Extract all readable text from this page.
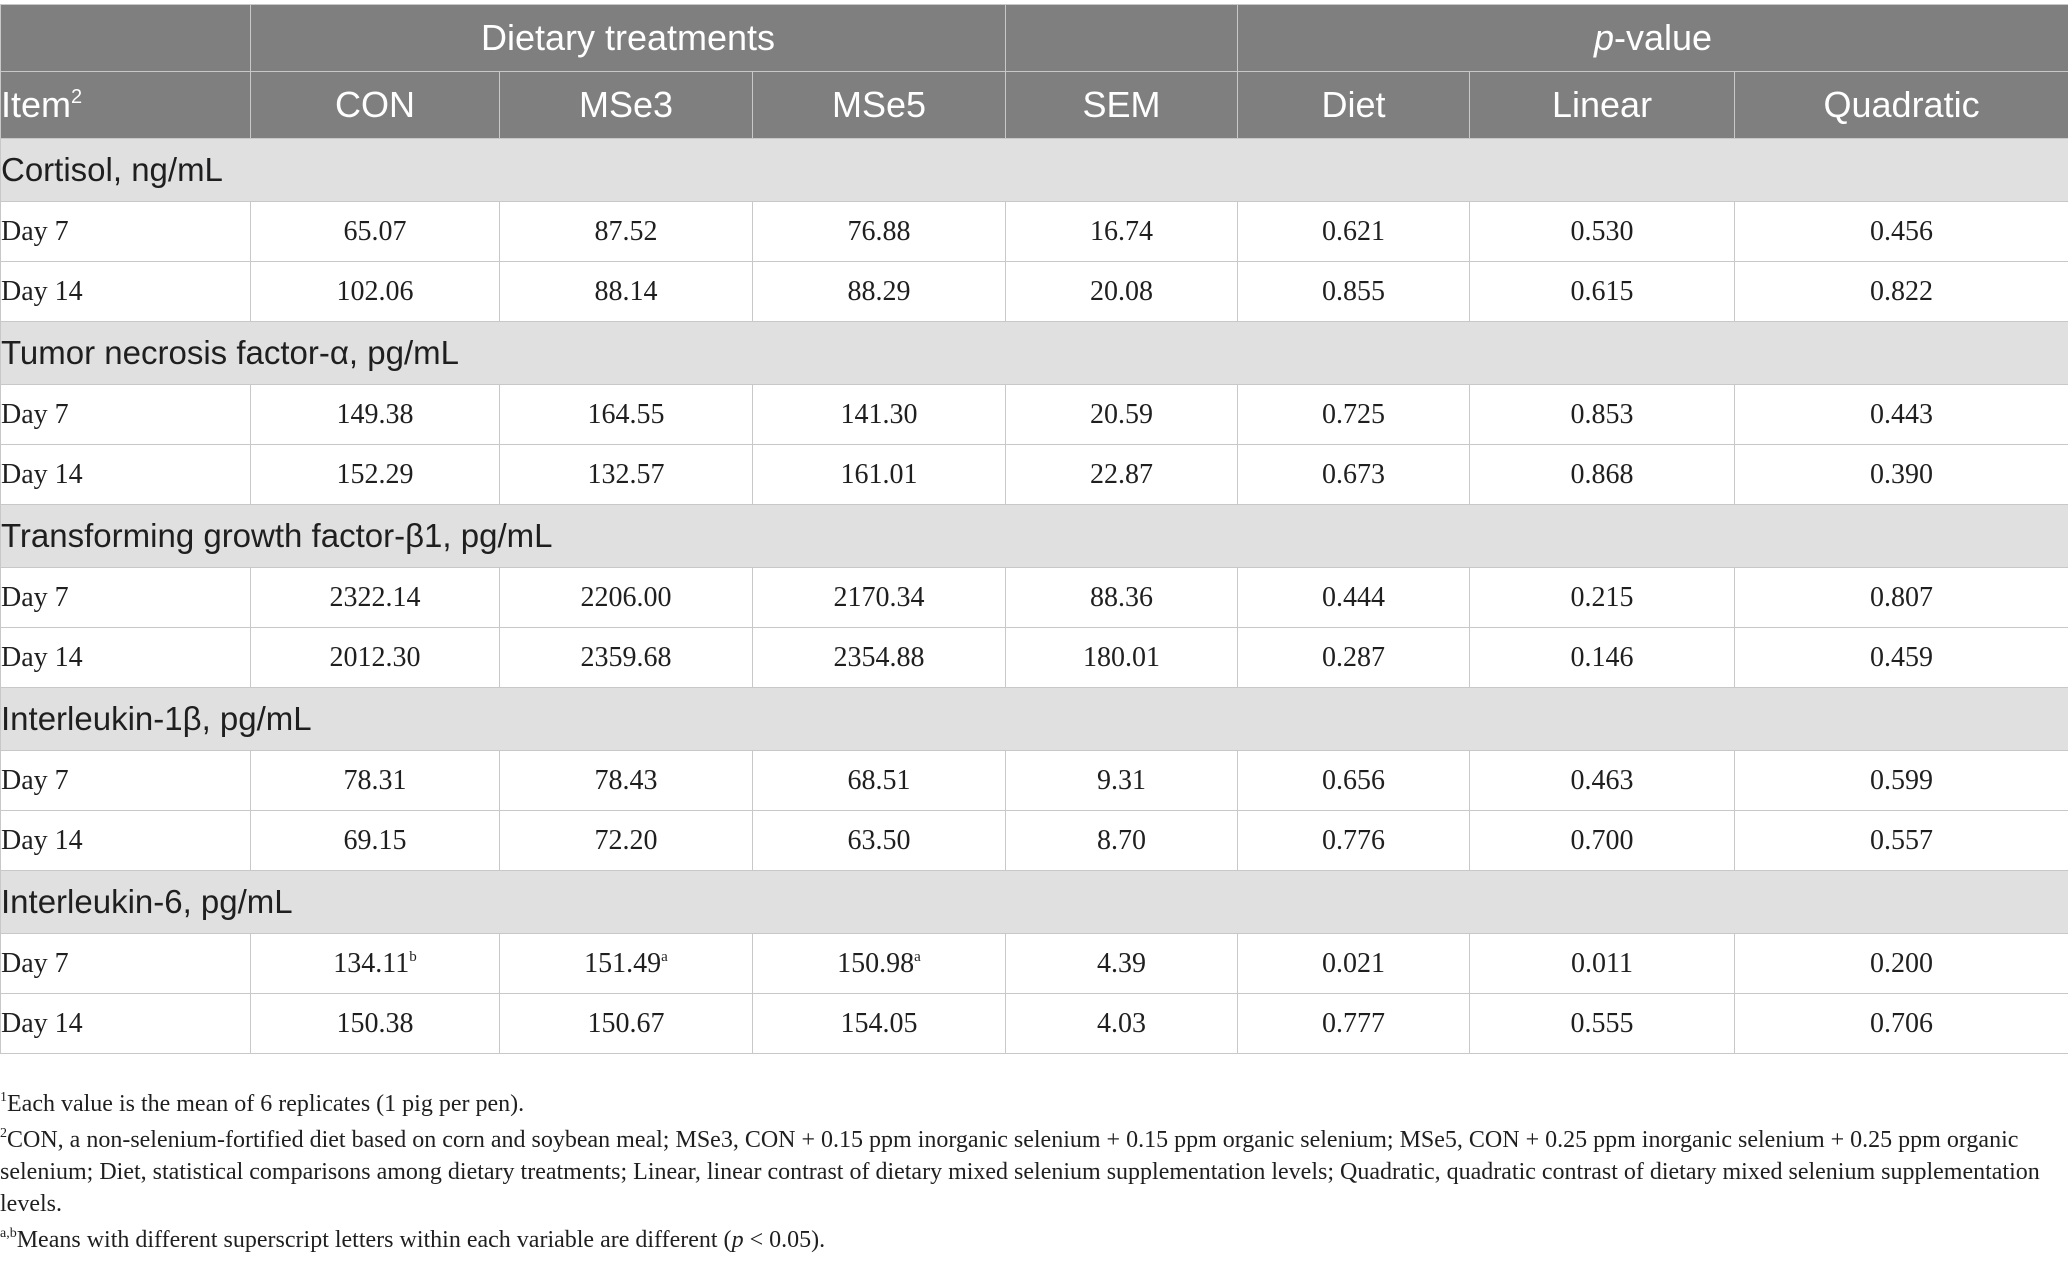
	Dietary treatments				p-value		
Item$^2$	CON	MSe3	MSe5	SEM	Diet	Linear	Quadratic
Cortisol, ng/mL							
Day 7	65.07	87.52	76.88	16.74	0.621	0.530	0.456
Day 14	102.06	88.14	88.29	20.08	0.855	0.615	0.822
Tumor necrosis factor-α, pg/mL							
Day 7	149.38	164.55	141.30	20.59	0.725	0.853	0.443
Day 14	152.29	132.57	161.01	22.87	0.673	0.868	0.390
Transforming growth factor-β1, pg/mL							
Day 7	2322.14	2206.00	2170.34	88.36	0.444	0.215	0.807
Day 14	2012.30	2359.68	2354.88	180.01	0.287	0.146	0.459
Interleukin-1β, pg/mL							
Day 7	78.31	78.43	68.51	9.31	0.656	0.463	0.599
Day 14	69.15	72.20	63.50	8.70	0.776	0.700	0.557
Interleukin-6, pg/mL							
Day 7	134.11$^b$	151.49$^a$	150.98$^a$	4.39	0.021	0.011	0.200
Day 14	150.38	150.67	154.05	4.03	0.777	0.555	0.706

$^1$Each value is the mean of 6 replicates (1 pig per pen).

$^2$CON, a non-selenium-fortified diet based on corn and soybean meal; MSe3, CON + 0.15 ppm inorganic selenium + 0.15 ppm organic selenium; MSe5, CON + 0.25 ppm inorganic selenium + 0.25 ppm organic selenium; Diet, statistical comparisons among dietary treatments; Linear, linear contrast of dietary mixed selenium supplementation levels; Quadratic, quadratic contrast of dietary mixed selenium supplementation levels.

$^{a,b}$Means with different superscript letters within each variable are different (p < 0.05).
